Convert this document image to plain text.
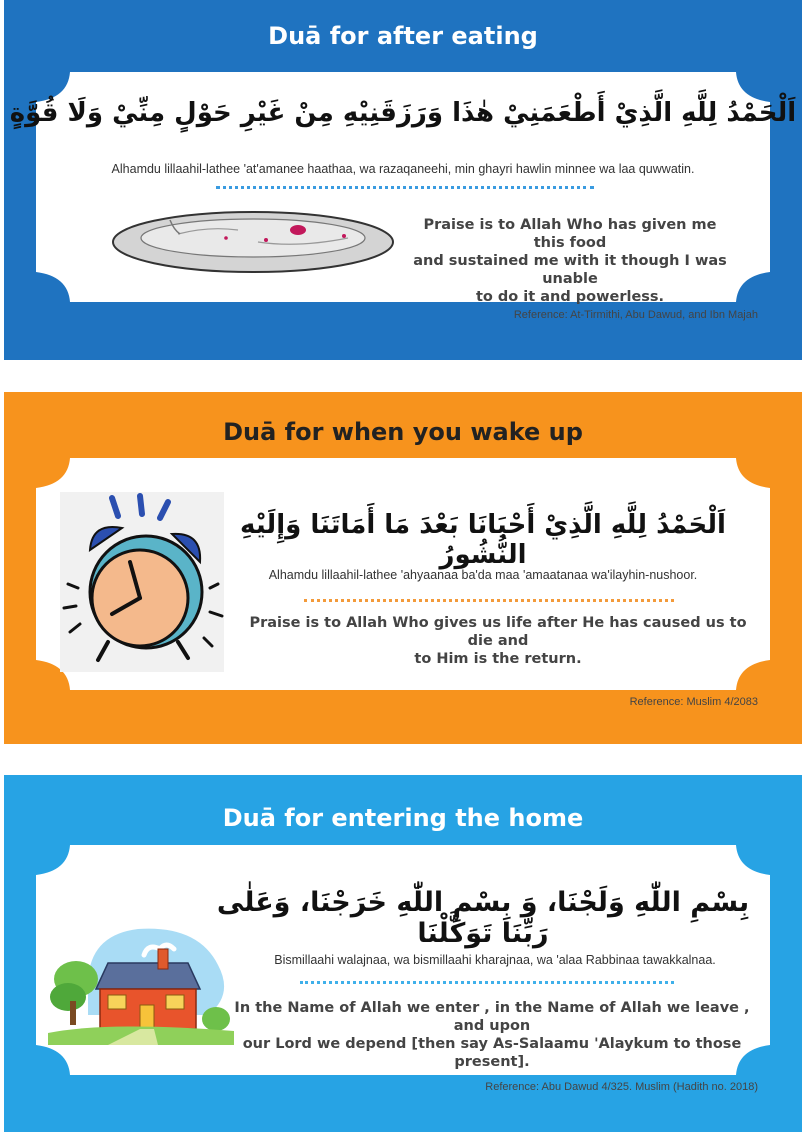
Duā for after eating
اَلْحَمْدُ لِلَّهِ الَّذِيْ أَطْعَمَنِيْ هٰذَا وَرَزَقَنِيْهِ مِنْ غَيْرِ حَوْلٍ مِنِّيْ وَلَا قُوَّةٍ
Alhamdu lillaahil-lathee 'at'amanee haathaa, wa razaqaneehi, min ghayri hawlin minnee wa laa quwwatin.
Praise is to Allah Who has given me this food
and sustained me with it though I was unable
to do it and powerless.
Reference: At-Tirmithi, Abu Dawud, and Ibn Majah
Duā for when you wake up
اَلْحَمْدُ لِلَّهِ الَّذِيْ أَحْيَانَا بَعْدَ مَا أَمَاتَنَا وَإِلَيْهِ النُّشُورُ
Alhamdu lillaahil-lathee 'ahyaanaa ba'da maa 'amaatanaa wa'ilayhin-nushoor.
Praise is to Allah Who gives us life after He has caused us to die and
to Him is the return.
Reference: Muslim 4/2083
Duā for entering the home
بِسْمِ اللّٰهِ وَلَجْنَا، وَ بِسْمِ اللّٰهِ خَرَجْنَا، وَعَلٰى رَبِّنَا تَوَكَّلْنَا
Bismillaahi walajnaa, wa bismillaahi kharajnaa, wa 'alaa Rabbinaa tawakkalnaa.
In the Name of Allah we enter , in the Name of Allah we leave , and upon
our Lord we depend [then say As-Salaamu 'Alaykum to those present].
Reference: Abu Dawud 4/325. Muslim (Hadith no. 2018)
